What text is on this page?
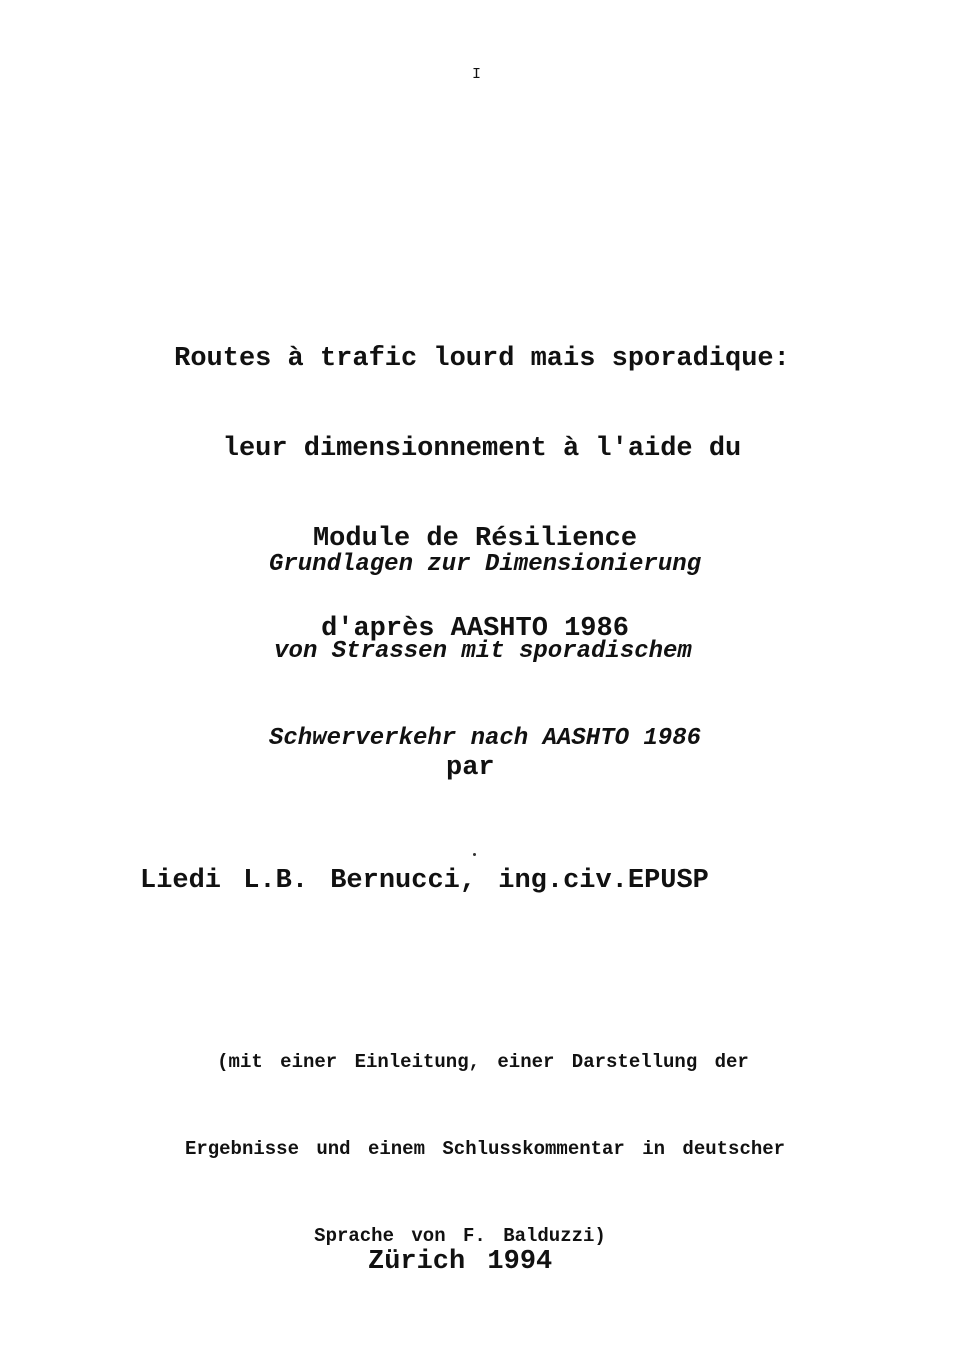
I

Routes à trafic lourd mais sporadique:

leur dimensionnement à l'aide du

Module de Résilience

d'après AASHTO 1986

Grundlagen zur Dimensionierung

von Strassen mit sporadischem

Schwerverkehr nach AASHTO 1986

par
Liedi L.B. Bernucci, ing.civ.EPUSP

(mit einer Einleitung, einer Darstellung der

Ergebnisse und einem Schlusskommentar in deutscher

Sprache von F. Balduzzi)

Zürich 1994
